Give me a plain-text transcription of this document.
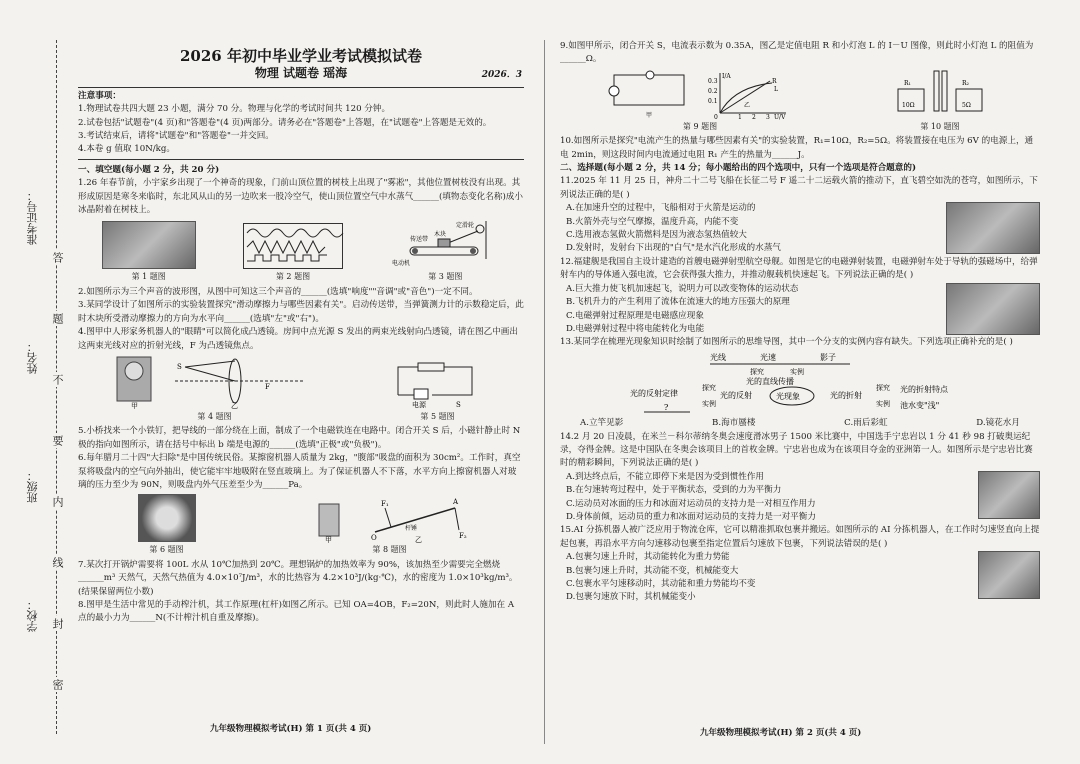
准考证号：
姓名：
班级：
学校：
答
题
不
要
内
线
封
密
2026 年初中毕业学业考试模拟试卷
物理 试题卷 瑶海	2026．3

注意事项：

1.物理试卷共四大题 23 小题，满分 70 分。物理与化学的考试时间共 120 分钟。

2.试卷包括"试题卷"(4 页)和"答题卷"(4 页)两部分。请务必在"答题卷"上答题，在"试题卷"上答题是无效的。

3.考试结束后，请将"试题卷"和"答题卷"一并交回。

4.本卷 g 值取 10N/kg。

一、填空题(每小题 2 分，共 20 分)

1.26 年春节前，小宇家乡出现了一个神奇的现象，门前山顶位置的树枝上出现了"雾凇"，其他位置树枝没有出现。其形成原因是寒冬来临时，东北风从山的另一边吹来一股冷空气，使山顶位置空气中水蒸气______(填物态变化名称)成小冰晶附着在树枝上。

第 1 题图	第 2 题图
定滑轮
传送带
木块
电动机
第 3 题图

2.如图所示为三个声音的波形图，从图中可知这三个声音的______(选填"响度""音调"或"音色")一定不同。

3.某同学设计了如图所示的实验装置探究"滑动摩擦力与哪些因素有关"。启动传送带，当弹簧测力计的示数稳定后，此时木块所受滑动摩擦力的方向为水平向______(选填"左"或"右")。

4.图甲中人形家务机器人的"眼睛"可以简化成凸透镜。房间中点光源 S 发出的两束光线射向凸透镜，请在图乙中画出这两束光线对应的折射光线，F 为凸透镜焦点。

S
F
甲	乙
第 4 题图
电源	S
第 5 题图

5.小桥找来一个小铁钉，把导线的一部分绕在上面，制成了一个电磁铁连在电路中。闭合开关 S 后，小磁针静止时 N 极的指向如图所示，请在括号中标出 b 端是电源的______(选填"正极"或"负极")。

6.每年腊月二十四"大扫除"是中国传统民俗。某擦窗机器人质量为 2kg，"腹部"吸盘的面积为 30cm²。工作时，真空泵将吸盘内的空气向外抽出，使它能牢牢地吸附在竖直玻璃上。为了保证机器人不下落，水平方向上擦窗机器人对玻璃的压力至少为 90N，则吸盘内外气压差至少为______Pa。

第 6 题图
O
A
F₁
F₂
杆锤
甲	乙
第 8 题图

7.某次打开锅炉需要将 100L 水从 10℃加热到 20℃。理想锅炉的加热效率为 90%，该加热至少需要完全燃烧______m³ 天然气，天然气热值为 4.0×10⁷J/m³，水的比热容为 4.2×10³J/(kg·℃)，水的密度为 1.0×10³kg/m³。(结果保留两位小数)

8.图甲是生活中常见的手动榨汁机，其工作原理(杠杆)如图乙所示。已知 OA=4OB，F₂=20N，则此时人施加在 A 点的最小力为______N(不计榨汁机自重及摩擦)。

九年级物理模拟考试(H) 第 1 页(共 4 页)

9.如图甲所示，闭合开关 S，电流表示数为 0.35A，图乙是定值电阻 R 和小灯泡 L 的 I－U 图像，则此时小灯泡 L 的阻值为______Ω。

I/A
U/V
R
L
0.3
0.2
0.1
0	1 2 3
甲
乙
第 9 题图
R₁	R₂
10Ω	5Ω
第 10 题图

10.如图所示是探究"电流产生的热量与哪些因素有关"的实验装置，R₁=10Ω，R₂=5Ω。将装置接在电压为 6V 的电源上，通电 2min，则这段时间内电流通过电阻 R₁ 产生的热量为______J。

二、选择题(每小题 2 分，共 14 分；每小题给出的四个选项中，只有一个选项是符合题意的)

11.2025 年 11 月 25 日，神舟二十二号飞船在长征二号 F 遥二十二运载火箭的推动下，直飞碧空如洗的苍穹，如图所示，下列说法正确的是( )

A.在加速升空的过程中，飞船相对于火箭是运动的

B.火箭外壳与空气摩擦，温度升高，内能不变

C.选用液态氢做火箭燃料是因为液态氢热值较大

D.发射时，发射台下出现的"白气"是水汽化形成的水蒸气

12.福建舰是我国自主设计建造的首艘电磁弹射型航空母舰。如图是它的电磁弹射装置，电磁弹射车处于导轨的强磁场中，给弹射车内的导体通入强电流，它会获得强大推力，并推动舰载机快速起飞。下列说法正确的是( )

A.巨大推力使飞机加速起飞，说明力可以改变物体的运动状态

B.飞机升力的产生利用了流体在流速大的地方压强大的原理

C.电磁弹射过程原理是电磁感应现象

D.电磁弹射过程中将电能转化为电能

13.某同学在梳理光现象知识时绘制了如图所示的思维导图，其中一个分支的实例内容有缺失。下列选项正确补充的是( )

光线	光速	影子
探究	实例
光的直线传播
光的反射定律
探究
实例
光的反射	光现象	光的折射
探究
实例
光的折射特点
池水变"浅"
?
A.立竿见影	B.海市蜃楼	C.雨后彩虹	D.镜花水月

14.2 月 20 日凌晨，在米兰－科尔蒂纳冬奥会速度滑冰男子 1500 米比赛中，中国选手宁忠岩以 1 分 41 秒 98 打破奥运纪录，夺得金牌。这是中国队在冬奥会该项目上的首枚金牌。宁忠岩也成为在该项目夺金的亚洲第一人。如图所示是宁忠岩比赛时的精彩瞬间，下列说法正确的是( )

A.到达终点后，不能立即停下来是因为受到惯性作用

B.在匀速转弯过程中，处于平衡状态，受到的力为平衡力

C.运动员对冰面的压力和冰面对运动员的支持力是一对相互作用力

D.身体前倾，运动员的重力和冰面对运动员的支持力是一对平衡力

15.AI 分拣机器人被广泛应用于物流仓库，它可以精准抓取包裹并搬运。如图所示的 AI 分拣机器人，在工作时匀速竖直向上提起包裹，再沿水平方向匀速移动包裹至指定位置后匀速放下包裹，下列说法错误的是( )

A.包裹匀速上升时，其动能转化为重力势能

B.包裹匀速上升时，其动能不变，机械能变大

C.包裹水平匀速移动时，其动能和重力势能均不变

D.包裹匀速放下时，其机械能变小

九年级物理模拟考试(H) 第 2 页(共 4 页)
